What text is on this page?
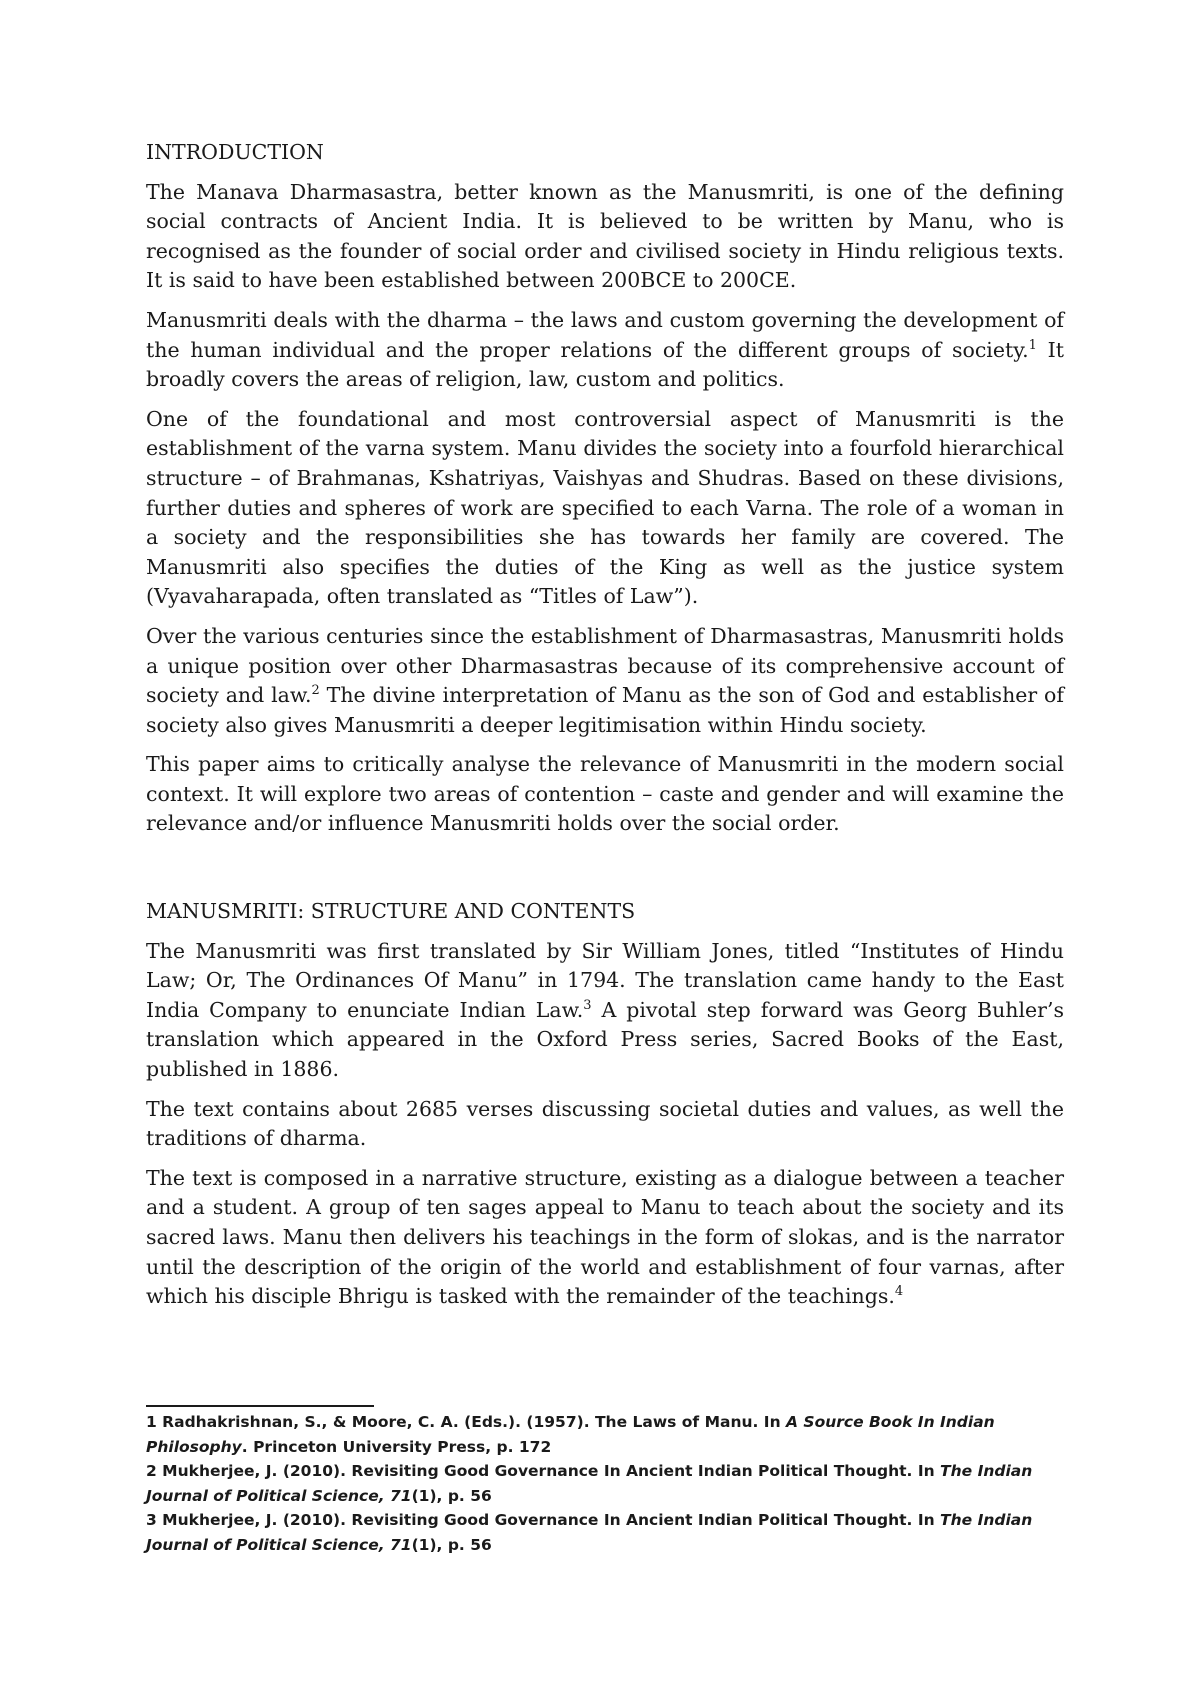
INTRODUCTION

The Manava Dharmasastra, better known as the Manusmriti, is one of the defining social contracts of Ancient India. It is believed to be written by Manu, who is recognised as the founder of social order and civilised society in Hindu religious texts. It is said to have been established between 200BCE to 200CE.

Manusmriti deals with the dharma – the laws and custom governing the development of the human individual and the proper relations of the different groups of society.$^1$ It broadly covers the areas of religion, law, custom and politics.

One of the foundational and most controversial aspect of Manusmriti is the establishment of the varna system. Manu divides the society into a fourfold hierarchical structure – of Brahmanas, Kshatriyas, Vaishyas and Shudras. Based on these divisions, further duties and spheres of work are specified to each Varna. The role of a woman in a society and the responsibilities she has towards her family are covered. The Manusmriti also specifies the duties of the King as well as the justice system (Vyavaharapada, often translated as “Titles of Law”).

Over the various centuries since the establishment of Dharmasastras, Manusmriti holds a unique position over other Dharmasastras because of its comprehensive account of society and law.$^2$ The divine interpretation of Manu as the son of God and establisher of society also gives Manusmriti a deeper legitimisation within Hindu society.

This paper aims to critically analyse the relevance of Manusmriti in the modern social context. It will explore two areas of contention – caste and gender and will examine the relevance and/or influence Manusmriti holds over the social order.

MANUSMRITI: STRUCTURE AND CONTENTS

The Manusmriti was first translated by Sir William Jones, titled “Institutes of Hindu Law; Or, The Ordinances Of Manu” in 1794. The translation came handy to the East India Company to enunciate Indian Law.$^3$ A pivotal step forward was Georg Buhler’s translation which appeared in the Oxford Press series, Sacred Books of the East, published in 1886.

The text contains about 2685 verses discussing societal duties and values, as well the traditions of dharma.

The text is composed in a narrative structure, existing as a dialogue between a teacher and a student. A group of ten sages appeal to Manu to teach about the society and its sacred laws. Manu then delivers his teachings in the form of slokas, and is the narrator until the description of the origin of the world and establishment of four varnas, after which his disciple Bhrigu is tasked with the remainder of the teachings.$^4$

1 Radhakrishnan, S., & Moore, C. A. (Eds.). (1957). The Laws of Manu. In A Source Book In Indian Philosophy. Princeton University Press, p. 172

2 Mukherjee, J. (2010). Revisiting Good Governance In Ancient Indian Political Thought. In The Indian Journal of Political Science, 71(1), p. 56

3 Mukherjee, J. (2010). Revisiting Good Governance In Ancient Indian Political Thought. In The Indian Journal of Political Science, 71(1), p. 56
